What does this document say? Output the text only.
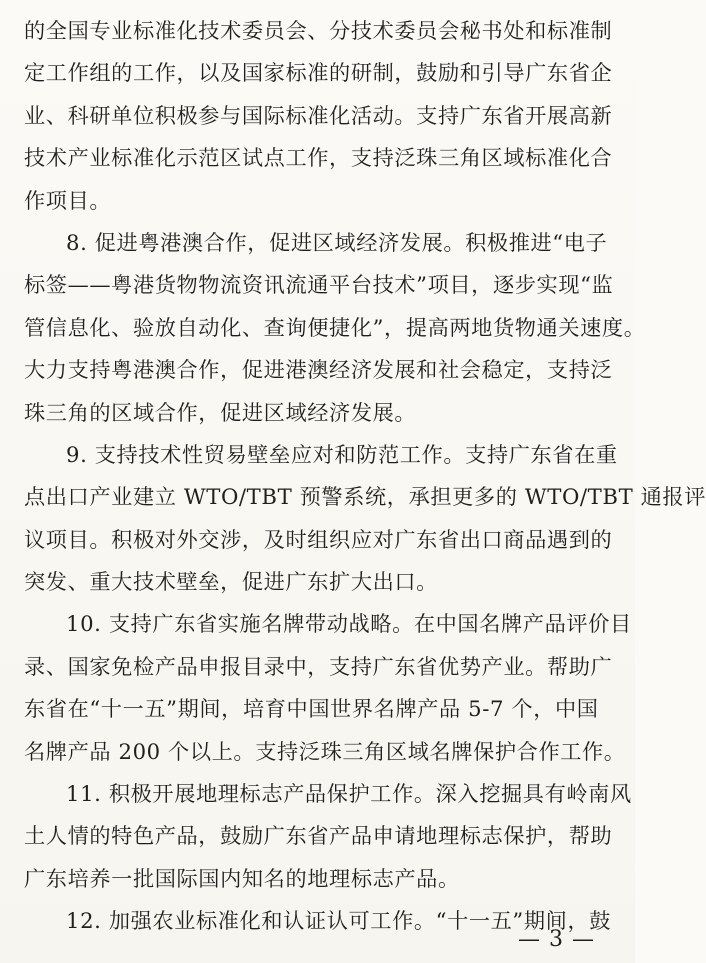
的全国专业标准化技术委员会、分技术委员会秘书处和标准制
定工作组的工作，以及国家标准的研制，鼓励和引导广东省企
业、科研单位积极参与国际标准化活动。支持广东省开展高新
技术产业标准化示范区试点工作，支持泛珠三角区域标准化合
作项目。
8. 促进粤港澳合作，促进区域经济发展。积极推进“电子
标签——粤港货物物流资讯流通平台技术”项目，逐步实现“监
管信息化、验放自动化、查询便捷化”，提高两地货物通关速度。
大力支持粤港澳合作，促进港澳经济发展和社会稳定，支持泛
珠三角的区域合作，促进区域经济发展。
9. 支持技术性贸易壁垒应对和防范工作。支持广东省在重
点出口产业建立 WTO/TBT 预警系统，承担更多的 WTO/TBT 通报评
议项目。积极对外交涉，及时组织应对广东省出口商品遇到的
突发、重大技术壁垒，促进广东扩大出口。
10. 支持广东省实施名牌带动战略。在中国名牌产品评价目
录、国家免检产品申报目录中，支持广东省优势产业。帮助广
东省在“十一五”期间，培育中国世界名牌产品 5-7 个，中国
名牌产品 200 个以上。支持泛珠三角区域名牌保护合作工作。
11. 积极开展地理标志产品保护工作。深入挖掘具有岭南风
土人情的特色产品，鼓励广东省产品申请地理标志保护，帮助
广东培养一批国际国内知名的地理标志产品。
12. 加强农业标准化和认证认可工作。“十一五”期间，鼓
— 3 —
